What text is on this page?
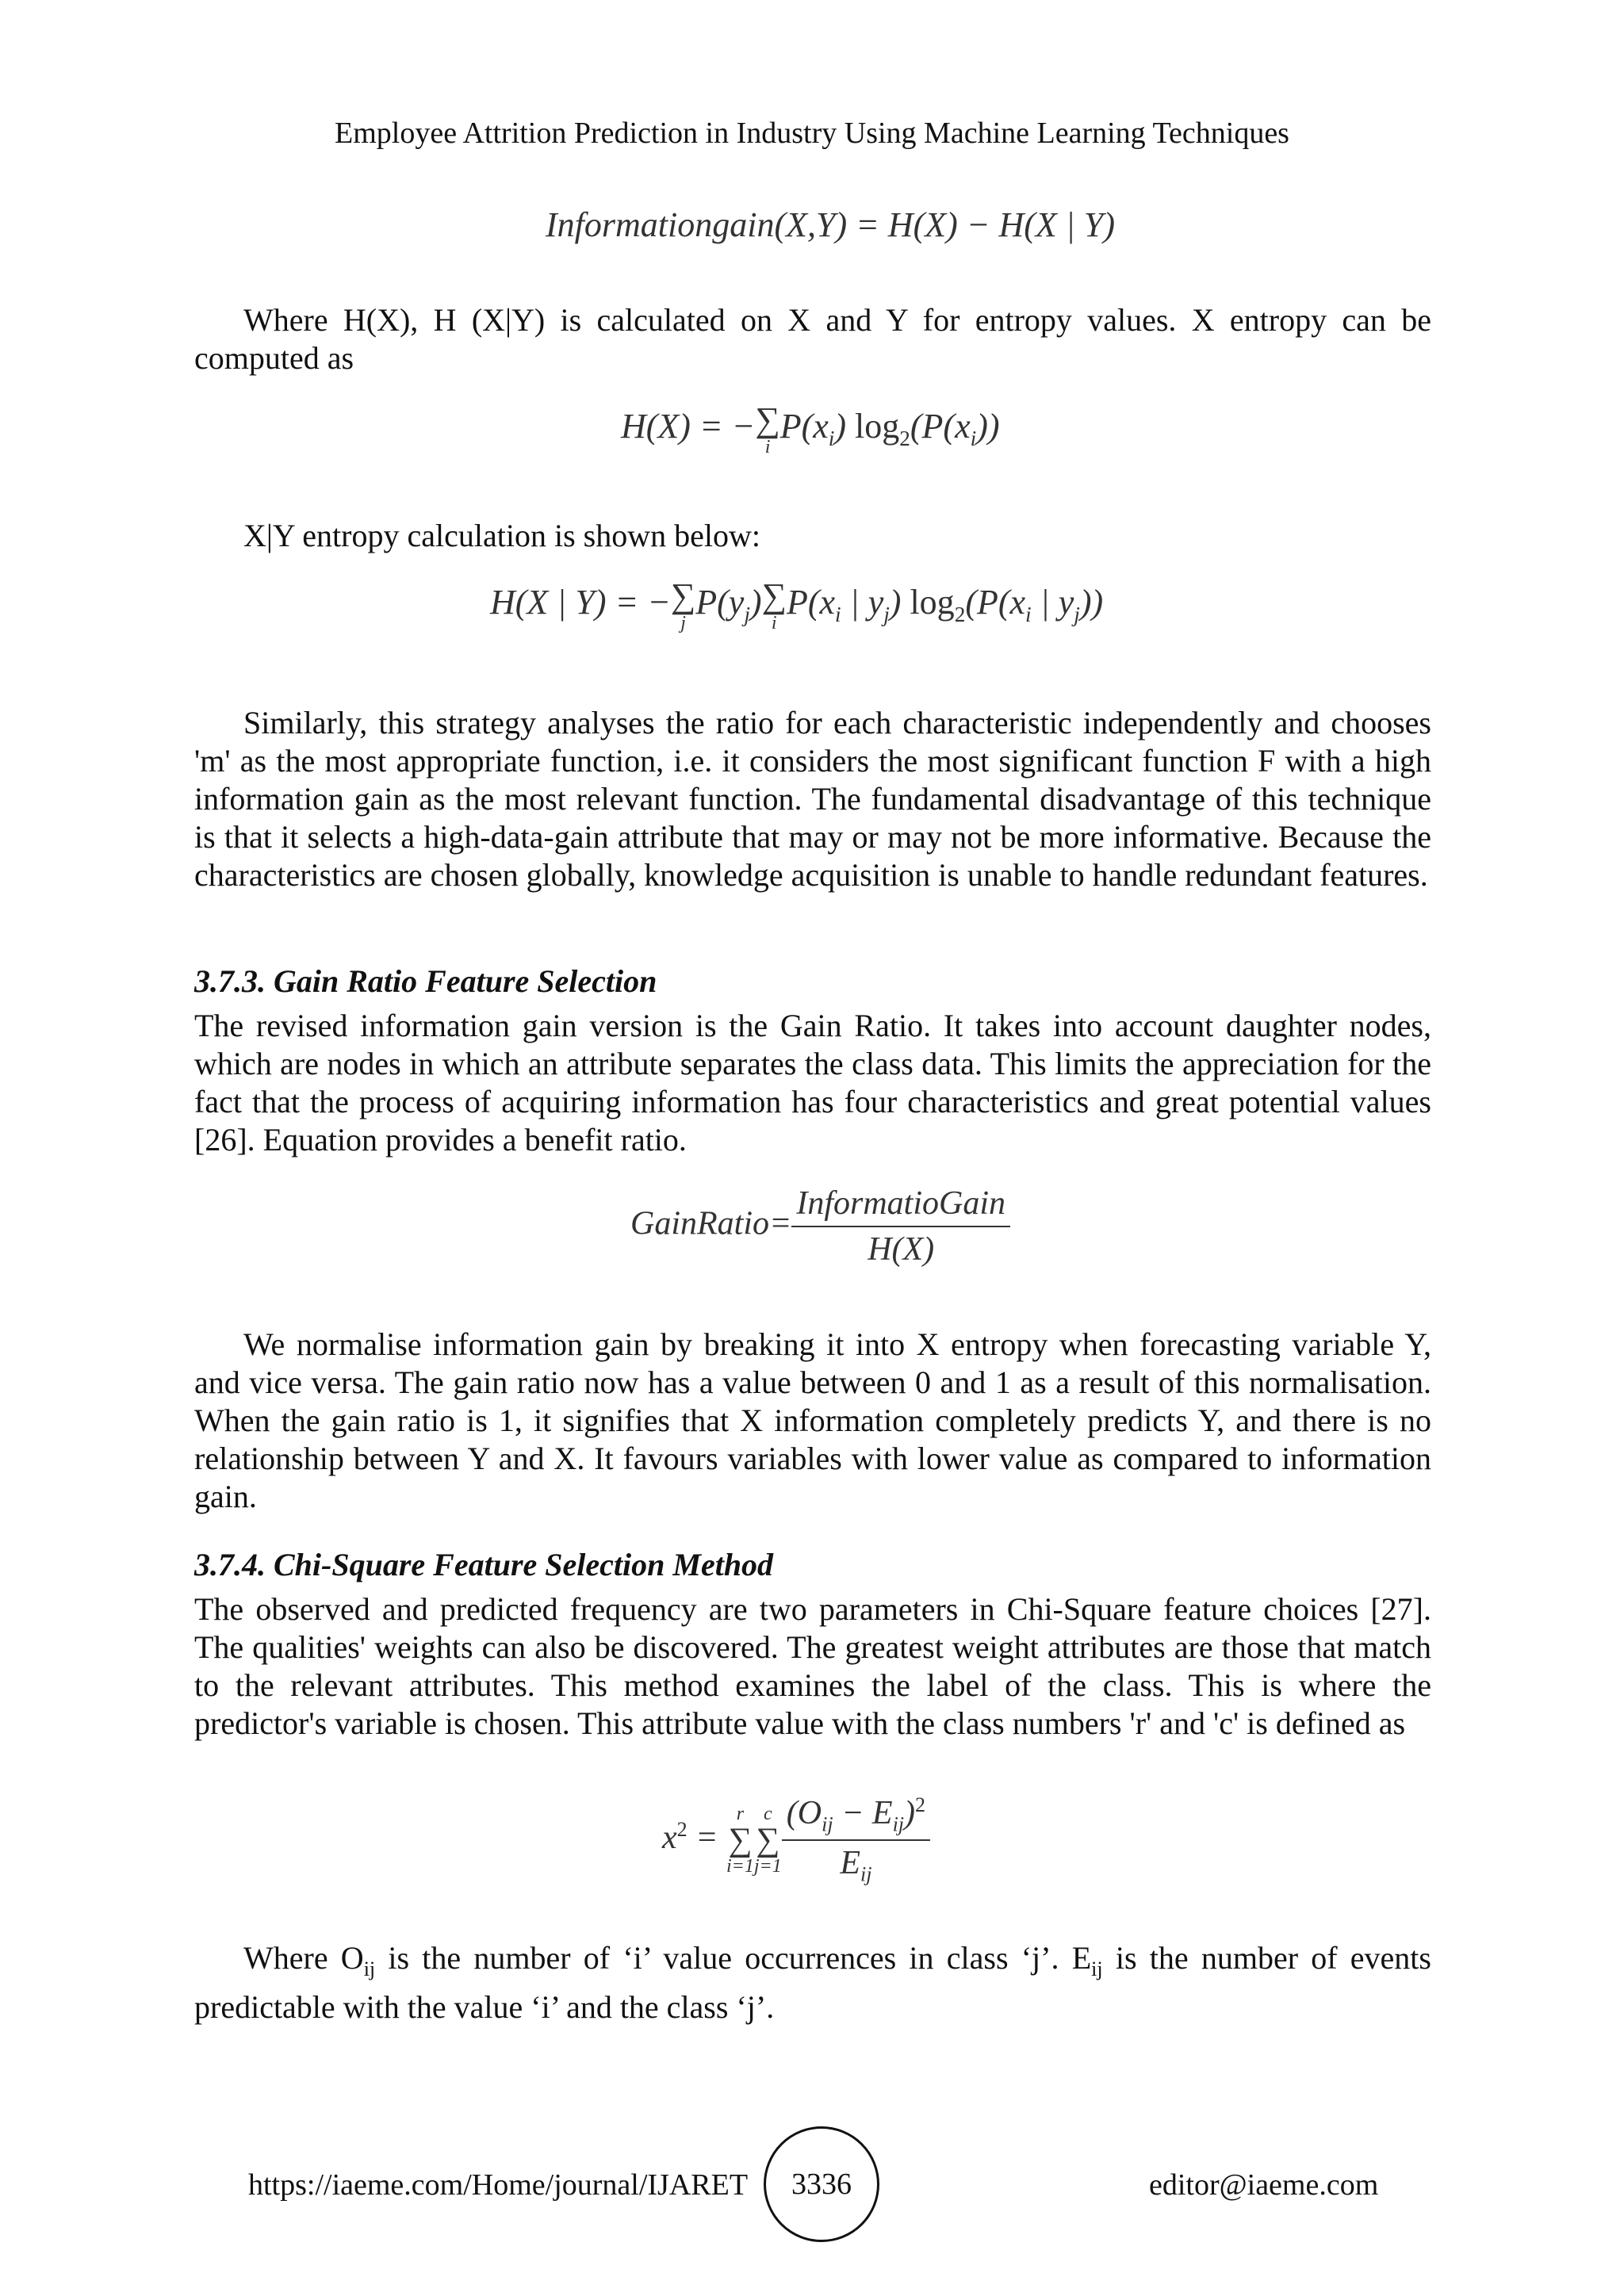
Employee Attrition Prediction in Industry Using Machine Learning Techniques
Informationgain(X,Y) = H(X) − H(X | Y)

Where H(X), H (X|Y) is calculated on X and Y for entropy values. X entropy can be computed as

H(X) = − ∑
i
$P(x_i)$ $\log_2(P(x_i))$

X|Y entropy calculation is shown below:

H(X | Y) = − ∑
j
$P(y_j)$ ∑
i
$P(x_i$ | $y_j$) $\log_2(P(x_i$ | $y_j$))

Similarly, this strategy analyses the ratio for each characteristic independently and chooses 'm' as the most appropriate function, i.e. it considers the most significant function F with a high information gain as the most relevant function. The fundamental disadvantage of this technique is that it selects a high-data-gain attribute that may or may not be more informative. Because the characteristics are chosen globally, knowledge acquisition is unable to handle redundant features.

3.7.3. Gain Ratio Feature Selection

The revised information gain version is the Gain Ratio. It takes into account daughter nodes, which are nodes in which an attribute separates the class data. This limits the appreciation for the fact that the process of acquiring information has four characteristics and great potential values [26]. Equation provides a benefit ratio.

GainRatio= $\frac{\text{InformatioGain}}{H(X)}$

We normalise information gain by breaking it into X entropy when forecasting variable Y, and vice versa. The gain ratio now has a value between 0 and 1 as a result of this normalisation. When the gain ratio is 1, it signifies that X information completely predicts Y, and there is no relationship between Y and X. It favours variables with lower value as compared to information gain.

3.7.4. Chi-Square Feature Selection Method

The observed and predicted frequency are two parameters in Chi-Square feature choices [27]. The qualities' weights can also be discovered. The greatest weight attributes are those that match to the relevant attributes. This method examines the label of the class. This is where the predictor's variable is chosen. This attribute value with the class numbers 'r' and 'c' is defined as

$x^2$ =
r
∑
i=1
c
∑
$j=1 \frac{(O_{ij} - E_{ij})^2}{E_{ij}}$

Where $O_{ij}$ is the number of ‘i’ value occurrences in class ‘j’. $E_{ij}$ is the number of events predictable with the value ‘i’ and the class ‘j’.

https://iaeme.com/Home/journal/IJARET 3336	editor@iaeme.com
